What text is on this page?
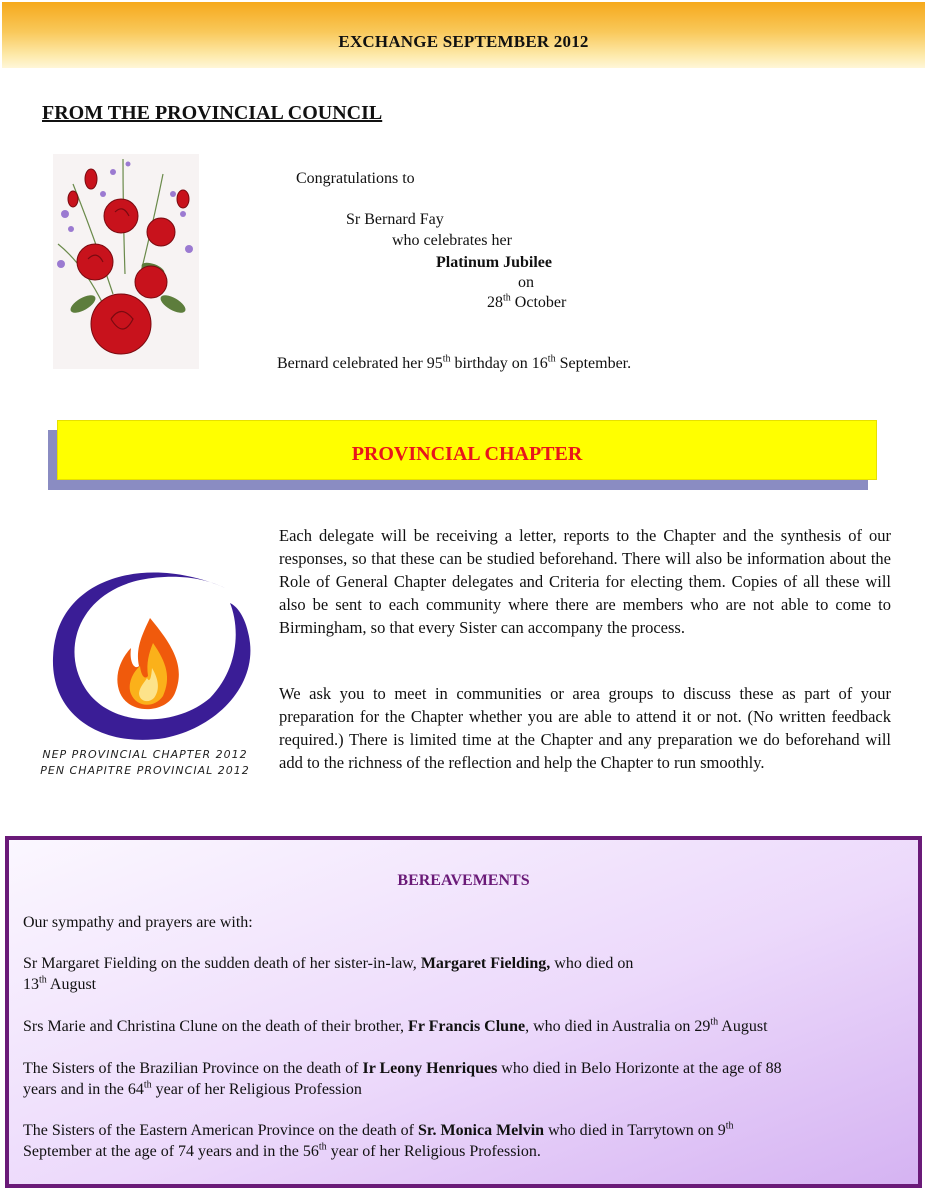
EXCHANGE SEPTEMBER 2012
FROM THE PROVINCIAL COUNCIL
Congratulations to
Sr Bernard Fay
who celebrates her
Platinum Jubilee
on
28th October
Bernard celebrated her 95th birthday on 16th September.
PROVINCIAL CHAPTER
NEP PROVINCIAL CHAPTER 2012
PEN CHAPITRE PROVINCIAL 2012
Each delegate will be receiving a letter, reports to the Chapter and the synthesis of our responses, so that these can be studied beforehand. There will also be information about the Role of General Chapter delegates and Criteria for electing them. Copies of all these will also be sent to each community where there are members who are not able to come to Birmingham, so that every Sister can accompany the process.
We ask you to meet in communities or area groups to discuss these as part of your preparation for the Chapter whether you are able to attend it or not. (No written feedback required.) There is limited time at the Chapter and any preparation we do beforehand will add to the richness of the reflection and help the Chapter to run smoothly.
BEREAVEMENTS
Our sympathy and prayers are with:
Sr Margaret Fielding on the sudden death of her sister-in-law, Margaret Fielding, who died on
13th August
Srs Marie and Christina Clune on the death of their brother, Fr Francis Clune, who died in Australia on 29th August
The Sisters of the Brazilian Province on the death of Ir Leony Henriques who died in Belo Horizonte at the age of 88
years and in the 64th year of her Religious Profession
The Sisters of the Eastern American Province on the death of Sr. Monica Melvin who died in Tarrytown on 9th
September at the age of 74 years and in the 56th year of her Religious Profession.
